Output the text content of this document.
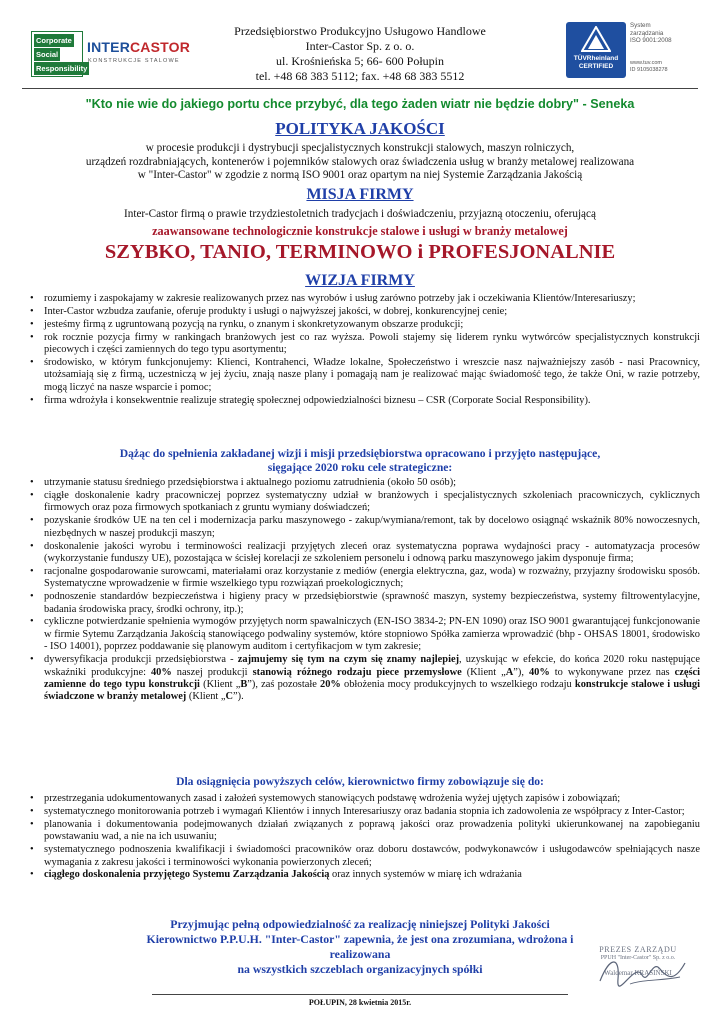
Corporate
Social
Responsibility
INTERCASTOR
KONSTRUKCJE STALOWE
Przedsiębiorstwo Produkcyjno Usługowo Handlowe
Inter-Castor Sp. z o. o.
ul. Krośnieńska 5; 66- 600 Połupin
tel. +48 68 383 5112; fax. +48 68 383 5512
TÜVRheinland
CERTIFIED
System
zarządzania
ISO 9001:2008
www.tuv.com
ID 9105038278
"Kto nie wie do jakiego portu chce przybyć, dla tego żaden wiatr nie będzie dobry" - Seneka
POLITYKA JAKOŚCI
w procesie produkcji i dystrybucji specjalistycznych konstrukcji stalowych, maszyn rolniczych,
urządzeń rozdrabniających, kontenerów i pojemników stalowych oraz świadczenia usług w branży metalowej realizowana
w "Inter-Castor" w zgodzie z normą ISO 9001 oraz opartym na niej Systemie Zarządzania Jakością
MISJA FIRMY
Inter-Castor firmą o prawie trzydziestoletnich tradycjach i doświadczeniu, przyjazną otoczeniu, oferującą
zaawansowane technologicznie konstrukcje stalowe i usługi w branży metalowej
SZYBKO, TANIO, TERMINOWO i PROFESJONALNIE
WIZJA FIRMY
• rozumiemy i zaspokajamy w zakresie realizowanych przez nas wyrobów i usług zarówno potrzeby jak i oczekiwania Klientów/Interesariuszy;
• Inter-Castor wzbudza zaufanie, oferuje produkty i usługi o najwyższej jakości, w dobrej, konkurencyjnej cenie;
• jesteśmy firmą z ugruntowaną pozycją na rynku, o znanym i skonkretyzowanym obszarze produkcji;
• rok rocznie pozycja firmy w rankingach branżowych jest co raz wyższa. Powoli stajemy się liderem rynku wytwórców specjalistycznych konstrukcji piecowych i części zamiennych do tego typu asortymentu;
• środowisko, w którym funkcjonujemy: Klienci, Kontrahenci, Władze lokalne, Społeczeństwo i wreszcie nasz najważniejszy zasób - nasi Pracownicy, utożsamiają się z firmą, uczestniczą w jej życiu, znają nasze plany i pomagają nam je realizować mając świadomość tego, że także Oni, w razie potrzeby, mogą liczyć na nasze wsparcie i pomoc;
• firma wdrożyła i konsekwentnie realizuje strategię społecznej odpowiedzialności biznesu – CSR (Corporate Social Responsibility).
Dążąc do spełnienia zakładanej wizji i misji przedsiębiorstwa opracowano i przyjęto następujące,
sięgające 2020 roku cele strategiczne:
• utrzymanie statusu średniego przedsiębiorstwa i aktualnego poziomu zatrudnienia (około 50 osób);
• ciągłe doskonalenie kadry pracowniczej poprzez systematyczny udział w branżowych i specjalistycznych szkoleniach pracowniczych, cyklicznych firmowych oraz poza firmowych spotkaniach z gruntu wymiany doświadczeń;
• pozyskanie środków UE na ten cel i modernizacja parku maszynowego - zakup/wymiana/remont, tak by docelowo osiągnąć wskaźnik 80% nowoczesnych, niezbędnych w naszej produkcji maszyn;
• doskonalenie jakości wyrobu i terminowości realizacji przyjętych zleceń oraz systematyczna poprawa wydajności pracy - automatyzacja procesów (wykorzystanie funduszy UE), pozostająca w ścisłej korelacji ze szkoleniem personelu i odnową parku maszynowego jakim dysponuje firma;
• racjonalne gospodarowanie surowcami, materiałami oraz korzystanie z mediów (energia elektryczna, gaz, woda) w rozważny, przyjazny środowisku sposób. Systematyczne wprowadzenie w firmie wszelkiego typu rozwiązań proekologicznych;
• podnoszenie standardów bezpieczeństwa i higieny pracy w przedsiębiorstwie (sprawność maszyn, systemy bezpieczeństwa, systemy filtrowentylacyjne, badania środowiska pracy, środki ochrony, itp.);
• cykliczne potwierdzanie spełnienia wymogów przyjętych norm spawalniczych (EN-ISO 3834-2; PN-EN 1090) oraz ISO 9001 gwarantującej funkcjonowanie w firmie Sytemu Zarządzania Jakością stanowiącego podwaliny systemów, które stopniowo Spółka zamierza wprowadzić (bhp - OHSAS 18001, środowisko - ISO 14001), poprzez poddawanie się planowym auditom i certyfikacjom w tym zakresie;
• dywersyfikacja produkcji przedsiębiorstwa - zajmujemy się tym na czym się znamy najlepiej, uzyskując w efekcie, do końca 2020 roku następujące wskaźniki produkcyjne: 40% naszej produkcji stanowią różnego rodzaju piece przemysłowe (Klient „A”), 40% to wykonywane przez nas części zamienne do tego typu konstrukcji (Klient „B”), zaś pozostałe 20% obłożenia mocy produkcyjnych to wszelkiego rodzaju konstrukcje stalowe i usługi świadczone w branży metalowej (Klient „C”).
Dla osiągnięcia powyższych celów, kierownictwo firmy zobowiązuje się do:
• przestrzegania udokumentowanych zasad i założeń systemowych stanowiących podstawę wdrożenia wyżej ujętych zapisów i zobowiązań;
• systematycznego monitorowania potrzeb i wymagań Klientów i innych Interesariuszy oraz badania stopnia ich zadowolenia ze współpracy z Inter-Castor;
• planowania i dokumentowania podejmowanych działań związanych z poprawą jakości oraz prowadzenia polityki ukierunkowanej na zapobieganiu powstawaniu wad, a nie na ich usuwaniu;
• systematycznego podnoszenia kwalifikacji i świadomości pracowników oraz doboru dostawców, podwykonawców i usługodawców spełniających nasze wymagania z zakresu jakości i terminowości wykonania powierzonych zleceń;
• ciągłego doskonalenia przyjętego Systemu Zarządzania Jakością oraz innych systemów w miarę ich wdrażania
Przyjmując pełną odpowiedzialność za realizację niniejszej Polityki Jakości
Kierownictwo P.P.U.H. "Inter-Castor" zapewnia, że jest ona zrozumiana, wdrożona i realizowana
na wszystkich szczeblach organizacyjnych spółki
POŁUPIN, 28 kwietnia 2015r.
PREZES ZARZĄDU
PPUH "Inter-Castor" Sp. z o.o.
Waldemar KRASIŃSKI
